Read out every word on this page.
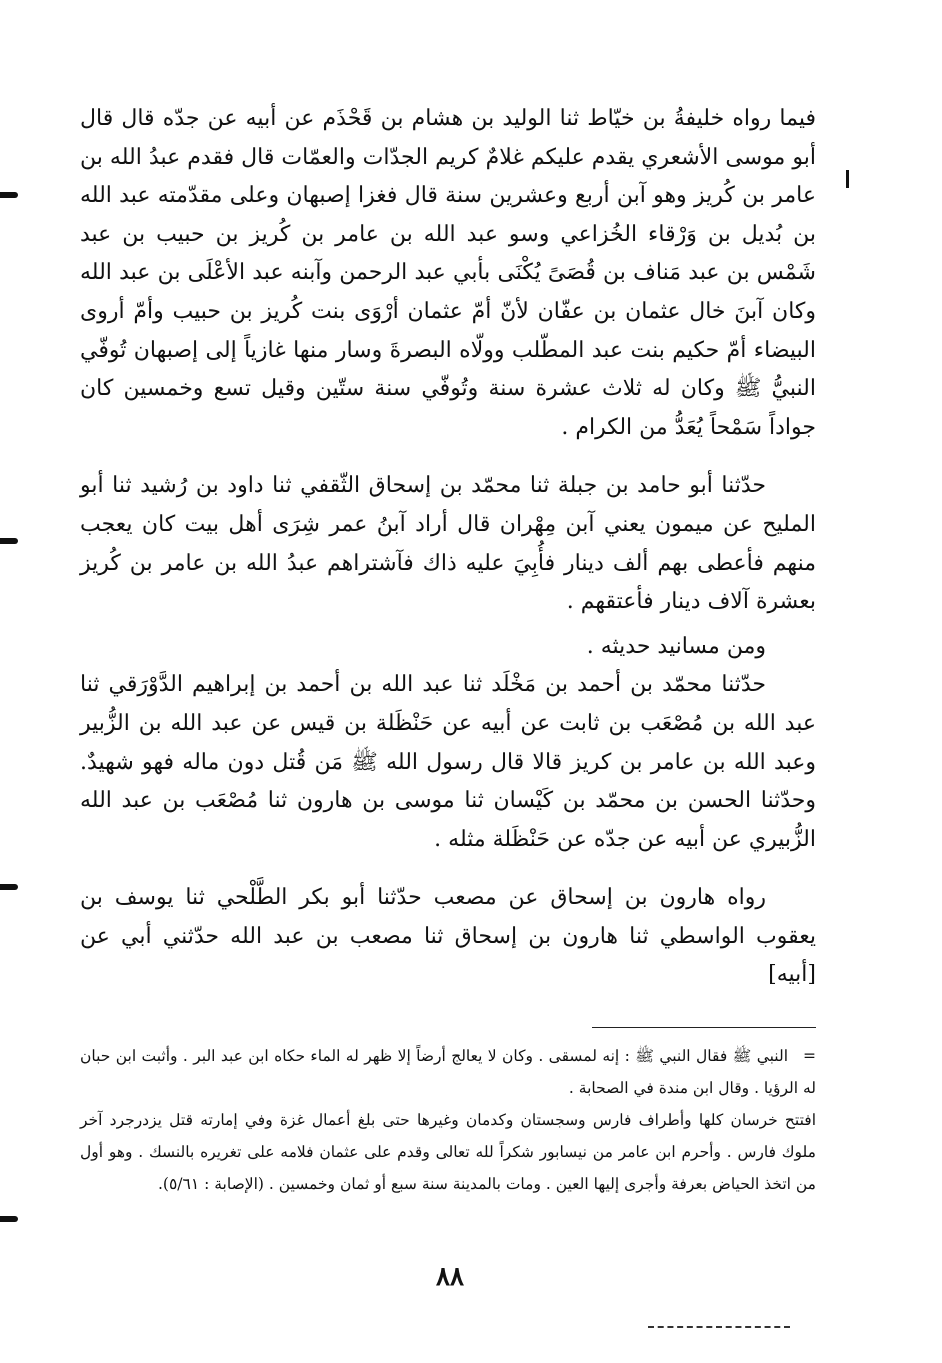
فيما رواه خليفةُ بن خيّاط ثنا الوليد بن هشام بن قَحْذَم عن أبيه عن جدّه قال قال أبو موسى الأشعري يقدم عليكم غلامٌ كريم الجدّات والعمّات قال فقدم عبدُ الله بن عامر بن كُريز وهو آبن أربع وعشرين سنة قال فغزا إصبهان وعلى مقدّمته عبد الله بن بُديل بن وَرْقاء الخُزاعي وسو عبد الله بن عامر بن كُريز بن حبيب بن عبد شَمْس بن عبد مَناف بن قُصَىً يُكْنَى بأبي عبد الرحمن وآبنه عبد الأعْلَى بن عبد الله وكان آبنَ خال عثمان بن عفّان لأنّ أمّ عثمان أرْوَى بنت كُريز بن حبيب وأمّ أروى البيضاء أمّ حكيم بنت عبد المطّلب وولّاه البصرةَ وسار منها غازياً إلى إصبهان تُوفّي النبيُّ ﷺ وكان له ثلاث عشرة سنة وتُوفّي سنة ستّين وقيل تسع وخمسين كان جواداً سَمْحاً يُعَدُّ من الكرام .

حدّثنا أبو حامد بن جبلة ثنا محمّد بن إسحاق الثّقفي ثنا داود بن رُشيد ثنا أبو المليح عن ميمون يعني آبن مِهْران قال أراد آبنُ عمر شِرَى أهل بيت كان يعجب منهم فأعطى بهم ألف دينار فأُبِيَ عليه ذاك فآشتراهم عبدُ الله بن عامر بن كُريز بعشرة آلاف دينار فأعتقهم .

ومن مسانيد حديثه .

حدّثنا محمّد بن أحمد بن مَخْلَد ثنا عبد الله بن أحمد بن إبراهيم الدَّوْرَقي ثنا عبد الله بن مُصْعَب بن ثابت عن أبيه عن حَنْظَلة بن قيس عن عبد الله بن الزُّبير وعبد الله بن عامر بن كريز قالا قال رسول الله ﷺ مَن قُتل دون ماله فهو شهيدٌ. وحدّثنا الحسن بن محمّد بن كَيْسان ثنا موسى بن هارون ثنا مُصْعَب بن عبد الله الزُّبيري عن أبيه عن جدّه عن حَنْظَلة مثله .

رواه هارون بن إسحاق عن مصعب حدّثنا أبو بكر الطَّلْحي ثنا يوسف بن يعقوب الواسطي ثنا هارون بن إسحاق ثنا مصعب بن عبد الله حدّثني أبي عن [أبيه]

=النبي ﷺ فقال النبي ﷺ : إنه لمسقى . وكان لا يعالج أرضاً إلا ظهر له الماء حكاه ابن عبد البر . وأثبت ابن حبان له الرؤيا . وقال ابن مندة في الصحابة .

افتتح خرسان كلها وأطراف فارس وسجستان وكدمان وغيرها حتى بلغ أعمال غزة وفي إمارته قتل يزدرجرد آخر ملوك فارس . وأحرم ابن عامر من نيسابور شكراً لله تعالى وقدم على عثمان فلامه على تغريره بالنسك . وهو أول من اتخذ الحياض بعرفة وأجرى إليها العين . ومات بالمدينة سنة سبع أو ثمان وخمسين . (الإصابة : ٥/٦١).

٨٨
